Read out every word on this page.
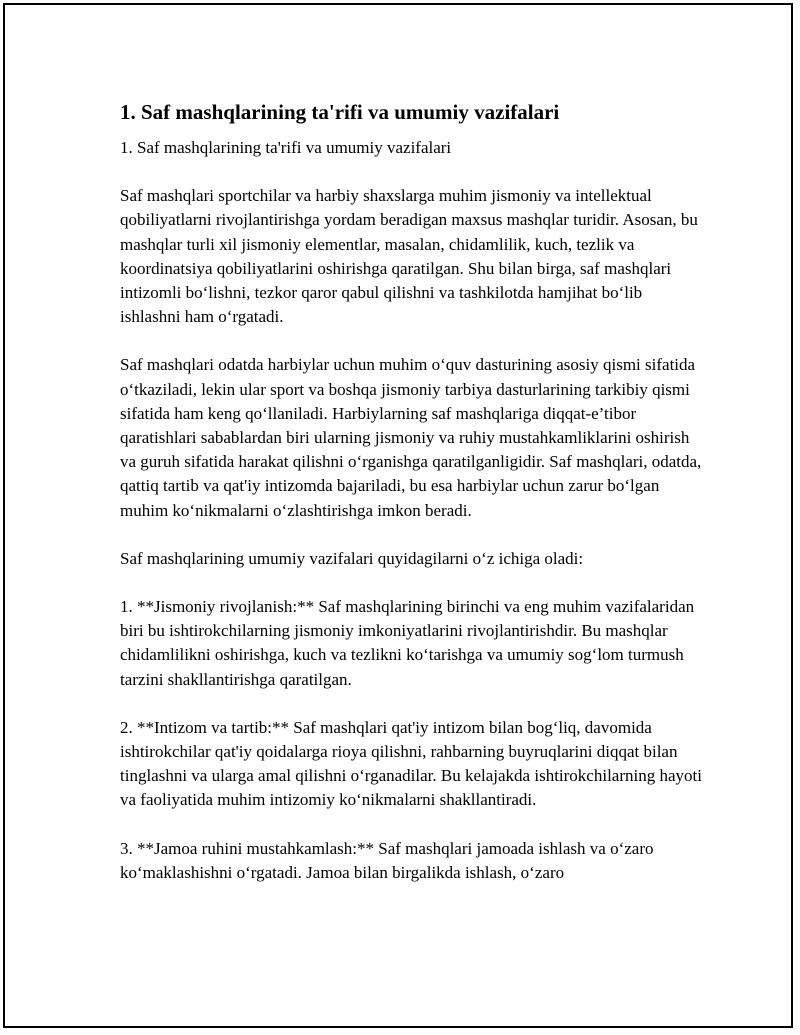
1. Saf mashqlarining ta'rifi va umumiy vazifalari

1. Saf mashqlarining ta'rifi va umumiy vazifalari

Saf mashqlari sportchilar va harbiy shaxslarga muhim jismoniy va intellektual qobiliyatlarni rivojlantirishga yordam beradigan maxsus mashqlar turidir. Asosan, bu mashqlar turli xil jismoniy elementlar, masalan, chidamlilik, kuch, tezlik va koordinatsiya qobiliyatlarini oshirishga qaratilgan. Shu bilan birga, saf mashqlari intizomli bo‘lishni, tezkor qaror qabul qilishni va tashkilotda hamjihat bo‘lib ishlashni ham o‘rgatadi.

Saf mashqlari odatda harbiylar uchun muhim o‘quv dasturining asosiy qismi sifatida o‘tkaziladi, lekin ular sport va boshqa jismoniy tarbiya dasturlarining tarkibiy qismi sifatida ham keng qo‘llaniladi. Harbiylarning saf mashqlariga diqqat-e’tibor qaratishlari sabablardan biri ularning jismoniy va ruhiy mustahkamliklarini oshirish va guruh sifatida harakat qilishni o‘rganishga qaratilganligidir. Saf mashqlari, odatda, qattiq tartib va qat'iy intizomda bajariladi, bu esa harbiylar uchun zarur bo‘lgan muhim ko‘nikmalarni o‘zlashtirishga imkon beradi.

Saf mashqlarining umumiy vazifalari quyidagilarni o‘z ichiga oladi:

1. **Jismoniy rivojlanish:** Saf mashqlarining birinchi va eng muhim vazifalaridan biri bu ishtirokchilarning jismoniy imkoniyatlarini rivojlantirishdir. Bu mashqlar chidamlilikni oshirishga, kuch va tezlikni ko‘tarishga va umumiy sog‘lom turmush tarzini shakllantirishga qaratilgan.

2. **Intizom va tartib:** Saf mashqlari qat'iy intizom bilan bog‘liq, davomida ishtirokchilar qat'iy qoidalarga rioya qilishni, rahbarning buyruqlarini diqqat bilan tinglashni va ularga amal qilishni o‘rganadilar. Bu kelajakda ishtirokchilarning hayoti va faoliyatida muhim intizomiy ko‘nikmalarni shakllantiradi.

3. **Jamoa ruhini mustahkamlash:** Saf mashqlari jamoada ishlash va o‘zaro ko‘maklashishni o‘rgatadi. Jamoa bilan birgalikda ishlash, o‘zaro
